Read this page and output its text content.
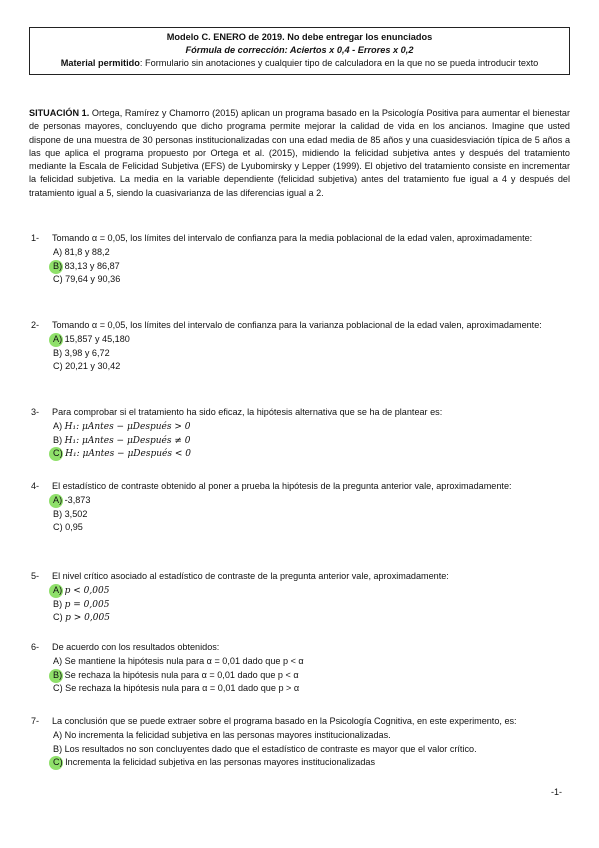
Modelo C. ENERO de 2019. No debe entregar los enunciados
Fórmula de corrección: Aciertos x 0,4 - Errores x 0,2
Material permitido: Formulario sin anotaciones y cualquier tipo de calculadora en la que no se pueda introducir texto
SITUACIÓN 1. Ortega, Ramírez y Chamorro (2015) aplican un programa basado en la Psicología Positiva para aumentar el bienestar de personas mayores, concluyendo que dicho programa permite mejorar la calidad de vida en los ancianos. Imagine que usted dispone de una muestra de 30 personas institucionalizadas con una edad media de 85 años y una cuasidesviación típica de 5 años a las que aplica el programa propuesto por Ortega et al. (2015), midiendo la felicidad subjetiva antes y después del tratamiento mediante la Escala de Felicidad Subjetiva (EFS) de Lyubomirsky y Lepper (1999). El objetivo del tratamiento consiste en incrementar la felicidad subjetiva. La media en la variable dependiente (felicidad subjetiva) antes del tratamiento fue igual a 4 y después del tratamiento igual a 5, siendo la cuasivarianza de las diferencias igual a 2.
1-	Tomando α = 0,05, los límites del intervalo de confianza para la media poblacional de la edad valen, aproximadamente:
A) 81,8 y 88,2
B) 83,13 y 86,87
C) 79,64 y 90,36
2-	Tomando α = 0,05, los límites del intervalo de confianza para la varianza poblacional de la edad valen, aproximadamente:
A) 15,857 y 45,180
B) 3,98 y 6,72
C) 20,21 y 30,42
3-	Para comprobar si el tratamiento ha sido eficaz, la hipótesis alternativa que se ha de plantear es:
A) H₁: μAntes − μDespués > 0
B) H₁: μAntes − μDespués ≠ 0
C) H₁: μAntes − μDespués < 0
4-	El estadístico de contraste obtenido al poner a prueba la hipótesis de la pregunta anterior vale, aproximadamente:
A) -3,873
B) 3,502
C) 0,95
5-	El nivel crítico asociado al estadístico de contraste de la pregunta anterior vale, aproximadamente:
A) p < 0,005
B) p = 0,005
C) p > 0,005
6-	De acuerdo con los resultados obtenidos:
A) Se mantiene la hipótesis nula para α = 0,01 dado que p < α
B) Se rechaza la hipótesis nula para α = 0,01 dado que p < α
C) Se rechaza la hipótesis nula para α = 0,01 dado que p > α
7-	La conclusión que se puede extraer sobre el programa basado en la Psicología Cognitiva, en este experimento, es:
A) No incrementa la felicidad subjetiva en las personas mayores institucionalizadas.
B) Los resultados no son concluyentes dado que el estadístico de contraste es mayor que el valor crítico.
C) Incrementa la felicidad subjetiva en las personas mayores institucionalizadas
-1-
